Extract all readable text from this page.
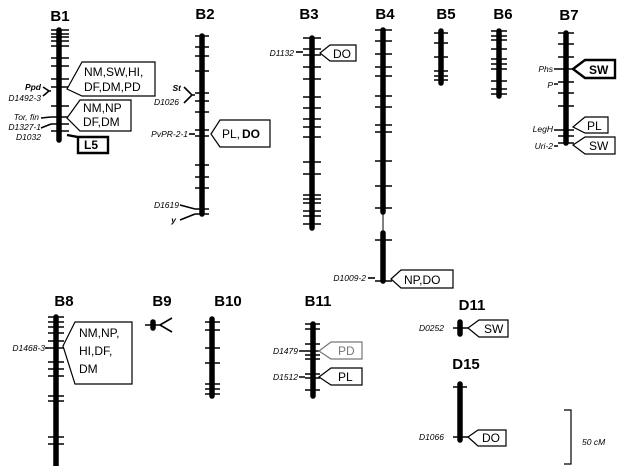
B1	B2	B3	B4	B5	B6	B7
B8	B9	B10	B11	D11
D15
Ppd
D1492-3
Tor, fin
D1327-1
D1032
NM,SW,HI,
DF,DM,PD
NM,NP
DF,DM
L5
St
D1026
PvPR-2-1
D1619
y
PL, DO
D1132	DO
D1009-2	NP,DO
Phs
P
LegH
Uri-2
SW
PL
SW
D1468-3
NM,NP,
HI,DF,
DM
D1479
D1512
PD
PL
D0252	SW
D1066	DO	50 cM
